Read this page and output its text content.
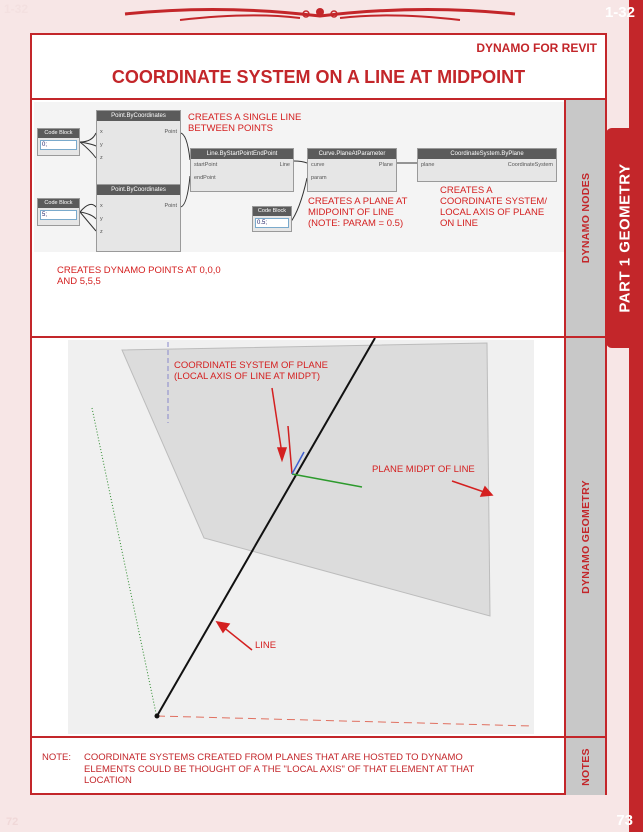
1-32	1-32
72	73
PART 1 GEOMETRY
DYNAMO FOR REVIT
COORDINATE SYSTEM ON A LINE AT MIDPOINT
Code Block
0;
Code Block
5;
Code Block
0.5;
Point.ByCoordinates
x
y
z
Point
Point.ByCoordinates
x
y
z
Point
Line.ByStartPointEndPoint
startPoint
endPoint
Line
Curve.PlaneAtParameter
curve
param
Plane
CoordinateSystem.ByPlane
plane	CoordinateSystem
CREATES A SINGLE LINE BETWEEN POINTS
CREATES A PLANE AT MIDPOINT OF LINE (NOTE: PARAM = 0.5)
CREATES A COORDINATE SYSTEM/ LOCAL AXIS OF PLANE ON LINE
CREATES DYNAMO POINTS AT 0,0,0 AND 5,5,5
DYNAMO NODES
COORDINATE SYSTEM OF PLANE (LOCAL AXIS OF LINE AT MIDPT)
PLANE MIDPT OF LINE
LINE
DYNAMO GEOMETRY
NOTE: COORDINATE SYSTEMS CREATED FROM PLANES THAT ARE HOSTED TO DYNAMO ELEMENTS COULD BE THOUGHT OF A THE "LOCAL AXIS" OF THAT ELEMENT AT THAT LOCATION	NOTES
